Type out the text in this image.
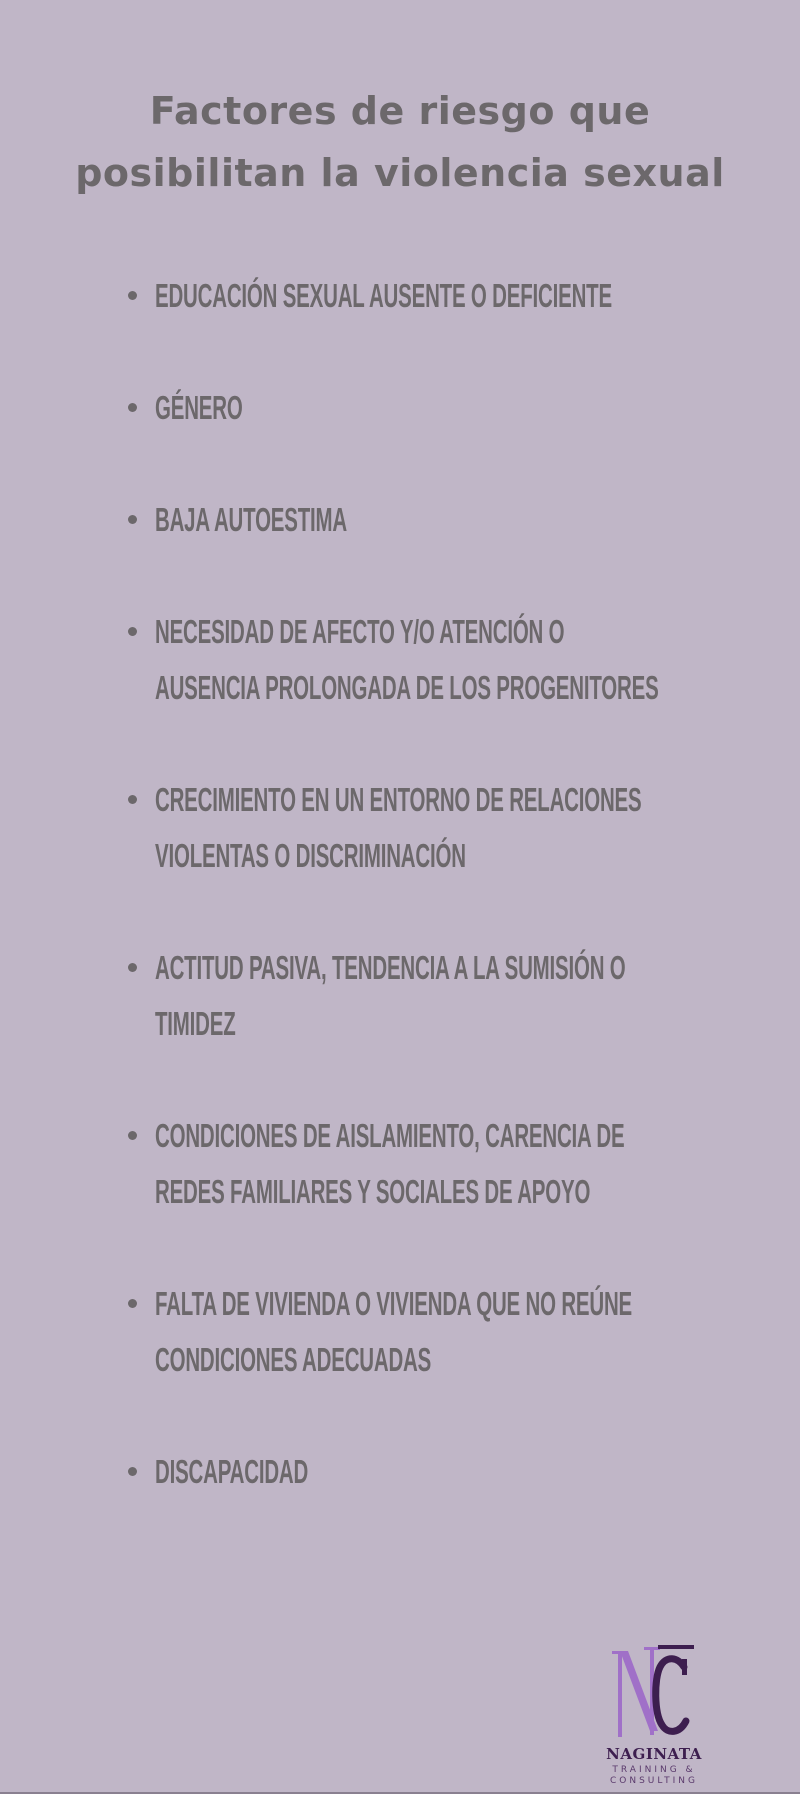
Factores de riesgo que
posibilitan la violencia sexual
EDUCACIÓN SEXUAL AUSENTE O DEFICIENTE
GÉNERO
BAJA AUTOESTIMA
NECESIDAD DE AFECTO Y/O ATENCIÓN O
AUSENCIA PROLONGADA DE LOS PROGENITORES
CRECIMIENTO EN UN ENTORNO DE RELACIONES
VIOLENTAS O DISCRIMINACIÓN
ACTITUD PASIVA, TENDENCIA A LA SUMISIÓN O
TIMIDEZ
CONDICIONES DE AISLAMIENTO, CARENCIA DE
REDES FAMILIARES Y SOCIALES DE APOYO
FALTA DE VIVIENDA O VIVIENDA QUE NO REÚNE
CONDICIONES ADECUADAS
DISCAPACIDAD
NAGINATA
TRAINING &
CONSULTING
